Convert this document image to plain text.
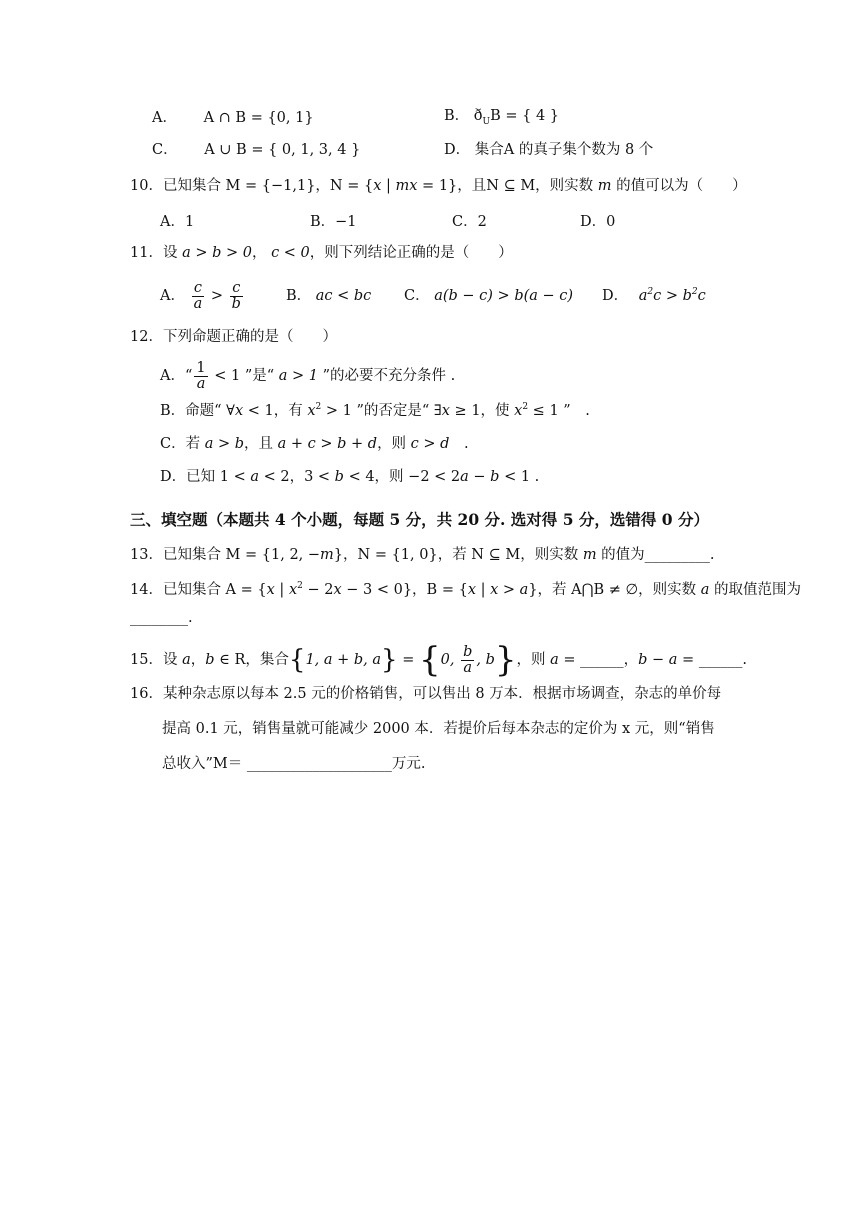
A． A ∩ B = {0, 1}	B． $ð_UB$ = { 4 }
C． A ∪ B = { 0, 1, 3, 4 }	D． 集合A 的真子集个数为 8 个
10．已知集合 M = {−1,1}，N = {x | mx = 1}，且N ⊆ M，则实数 m 的值可以为（　　）
A．1	B．−1	C．2	D．0
11．设 a > b > 0， c < 0，则下列结论正确的是（　　）
A． $\frac{c}{a} > \frac{c}{b}$	B． ac < bc C． a(b − c) > b(a − c) D． $a^2c > b^2c$
12．下列命题正确的是（　　）
A．“ $\frac{1}{a} < 1$ ”是“ a > 1 ”的必要不充分条件 .
B．命题“ ∀x < 1，有 $x^2 > 1$ ”的否定是“ ∃x ≥ 1，使 $x^2 \le 1$ ”　.
C．若 a > b，且 a + c > b + d，则 c > d　.
D．已知 1 < a < 2，3 < b < 4，则 −2 < 2a − b < 1 .
三、填空题（本题共 4 个小题，每题 5 分，共 20 分. 选对得 5 分，选错得 0 分）
13．已知集合 M = {1, 2, −m}，N = {1, 0}，若 N ⊆ M，则实数 m 的值为_________.
14．已知集合 A = {x | $x^2 - 2x - 3 < 0$}，B = {x | x > a}，若 A⋂B ≠ ∅，则实数 a 的取值范围为
________.
15．设 a，b ∈ R，集合{1, a + b, a} = {0, $\frac{b}{a}$ , b}，则 a = ______，b − a = ______.
16．某种杂志原以每本 2.5 元的价格销售，可以售出 8 万本．根据市场调查，杂志的单价每
提高 0.1 元，销售量就可能减少 2000 本．若提价后每本杂志的定价为 x 元，则“销售
总收入”M＝ ____________________万元.
